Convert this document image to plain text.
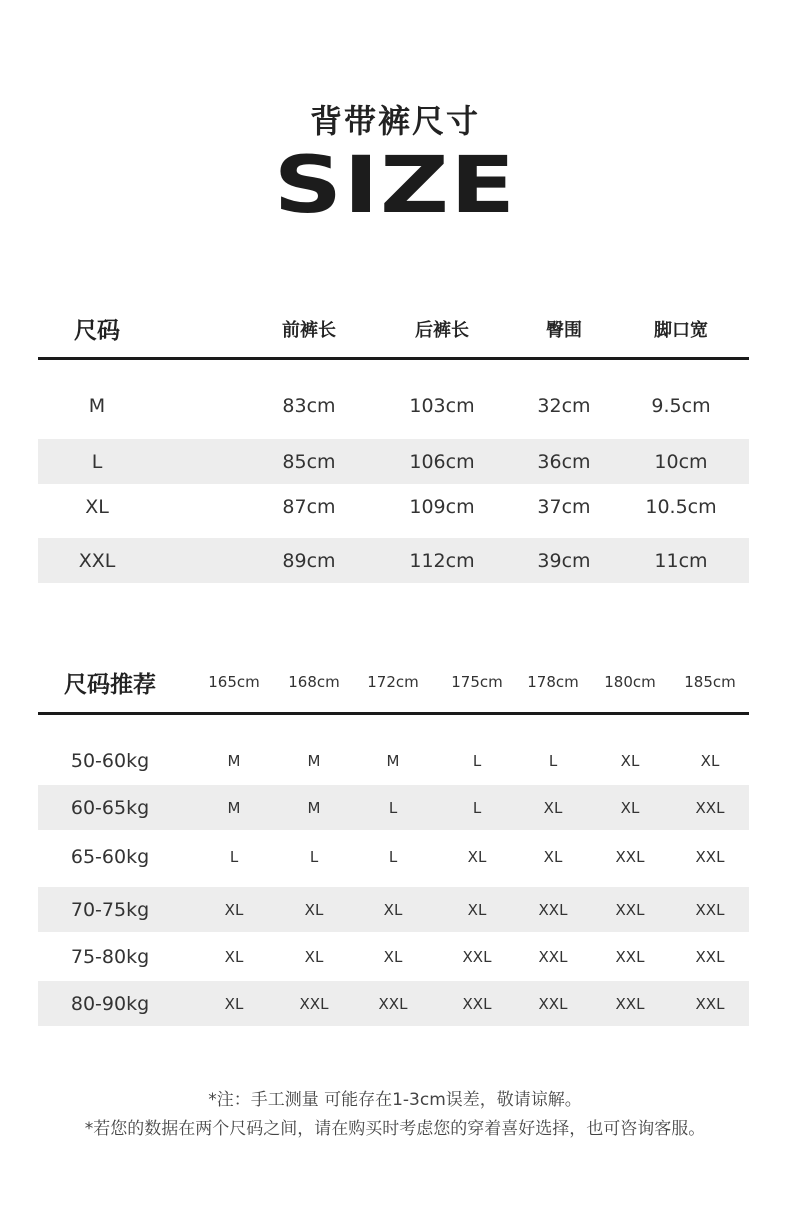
背带裤尺寸
SIZE
尺码	前裤长	后裤长	臀围	脚口宽
M	83cm	103cm	32cm	9.5cm
L	85cm	106cm	36cm	10cm
XL	87cm	109cm	37cm	10.5cm
XXL	89cm	112cm	39cm	11cm
尺码推荐	165cm	168cm	172cm	175cm	178cm	180cm	185cm
50-60kg	M	M	M	L	L	XL	XL
60-65kg	M	M	L	L	XL	XL	XXL
65-60kg	L	L	L	XL	XL	XXL	XXL
70-75kg	XL	XL	XL	XL	XXL	XXL	XXL
75-80kg	XL	XL	XL	XXL	XXL	XXL	XXL
80-90kg	XL	XXL	XXL	XXL	XXL	XXL	XXL
*注：手工测量 可能存在1-3cm误差，敬请谅解。
*若您的数据在两个尺码之间，请在购买时考虑您的穿着喜好选择，也可咨询客服。
